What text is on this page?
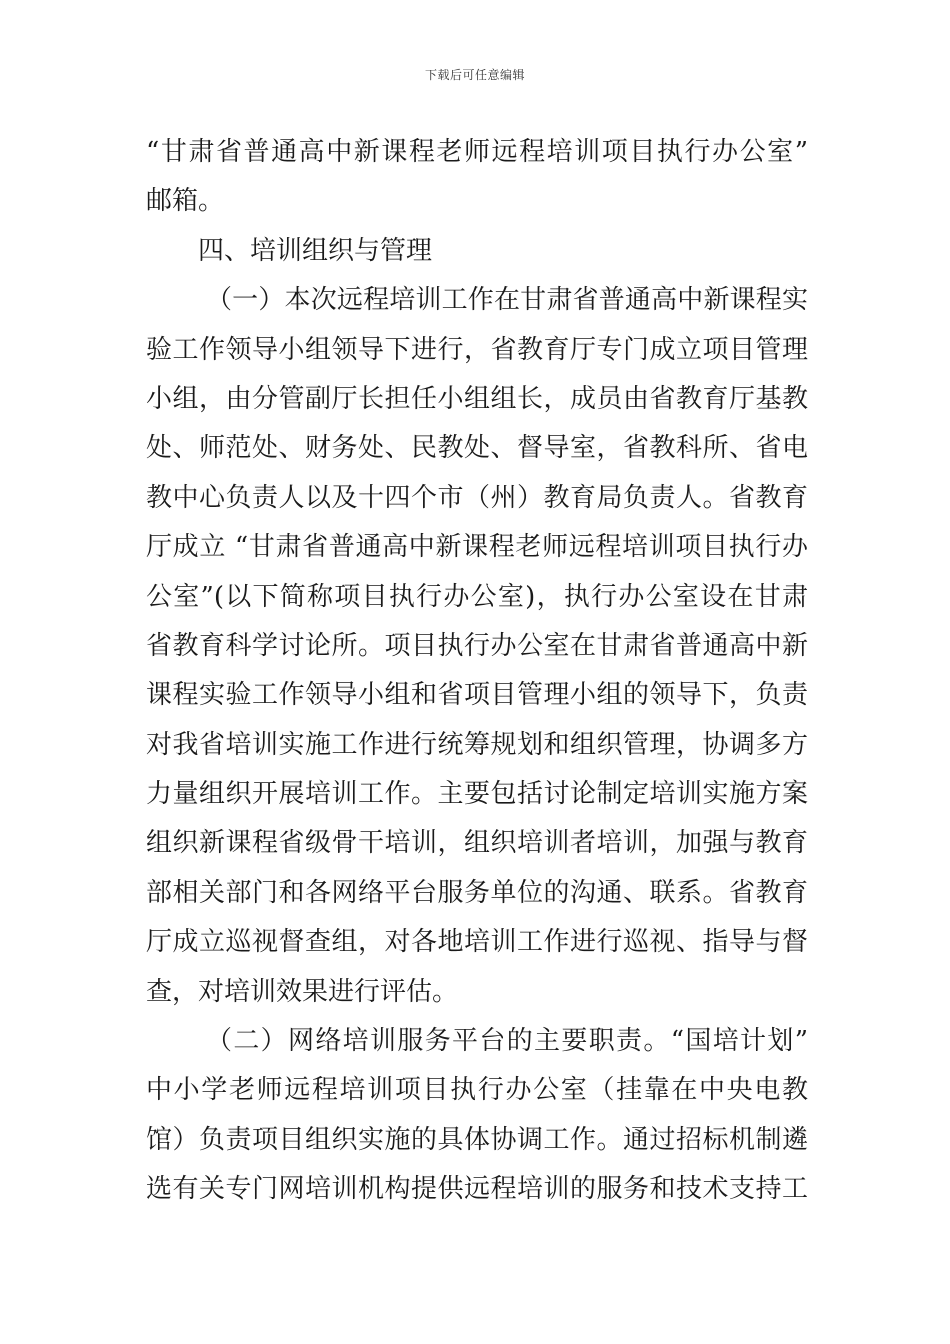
下载后可任意编辑
“甘肃省普通高中新课程老师远程培训项目执行办公室”
邮箱。
四、培训组织与管理
（一）本次远程培训工作在甘肃省普通高中新课程实
验工作领导小组领导下进行，省教育厅专门成立项目管理
小组，由分管副厅长担任小组组长，成员由省教育厅基教
处、师范处、财务处、民教处、督导室，省教科所、省电
教中心负责人以及十四个市（州）教育局负责人。省教育
厅成立 “甘肃省普通高中新课程老师远程培训项目执行办
公室”(以下简称项目执行办公室)，执行办公室设在甘肃
省教育科学讨论所。项目执行办公室在甘肃省普通高中新
课程实验工作领导小组和省项目管理小组的领导下，负责
对我省培训实施工作进行统筹规划和组织管理，协调多方
力量组织开展培训工作。主要包括讨论制定培训实施方案
组织新课程省级骨干培训，组织培训者培训，加强与教育
部相关部门和各网络平台服务单位的沟通、联系。省教育
厅成立巡视督查组，对各地培训工作进行巡视、指导与督
查，对培训效果进行评估。
（二）网络培训服务平台的主要职责。“国培计划”
中小学老师远程培训项目执行办公室（挂靠在中央电教
馆）负责项目组织实施的具体协调工作。通过招标机制遴
选有关专门网培训机构提供远程培训的服务和技术支持工
